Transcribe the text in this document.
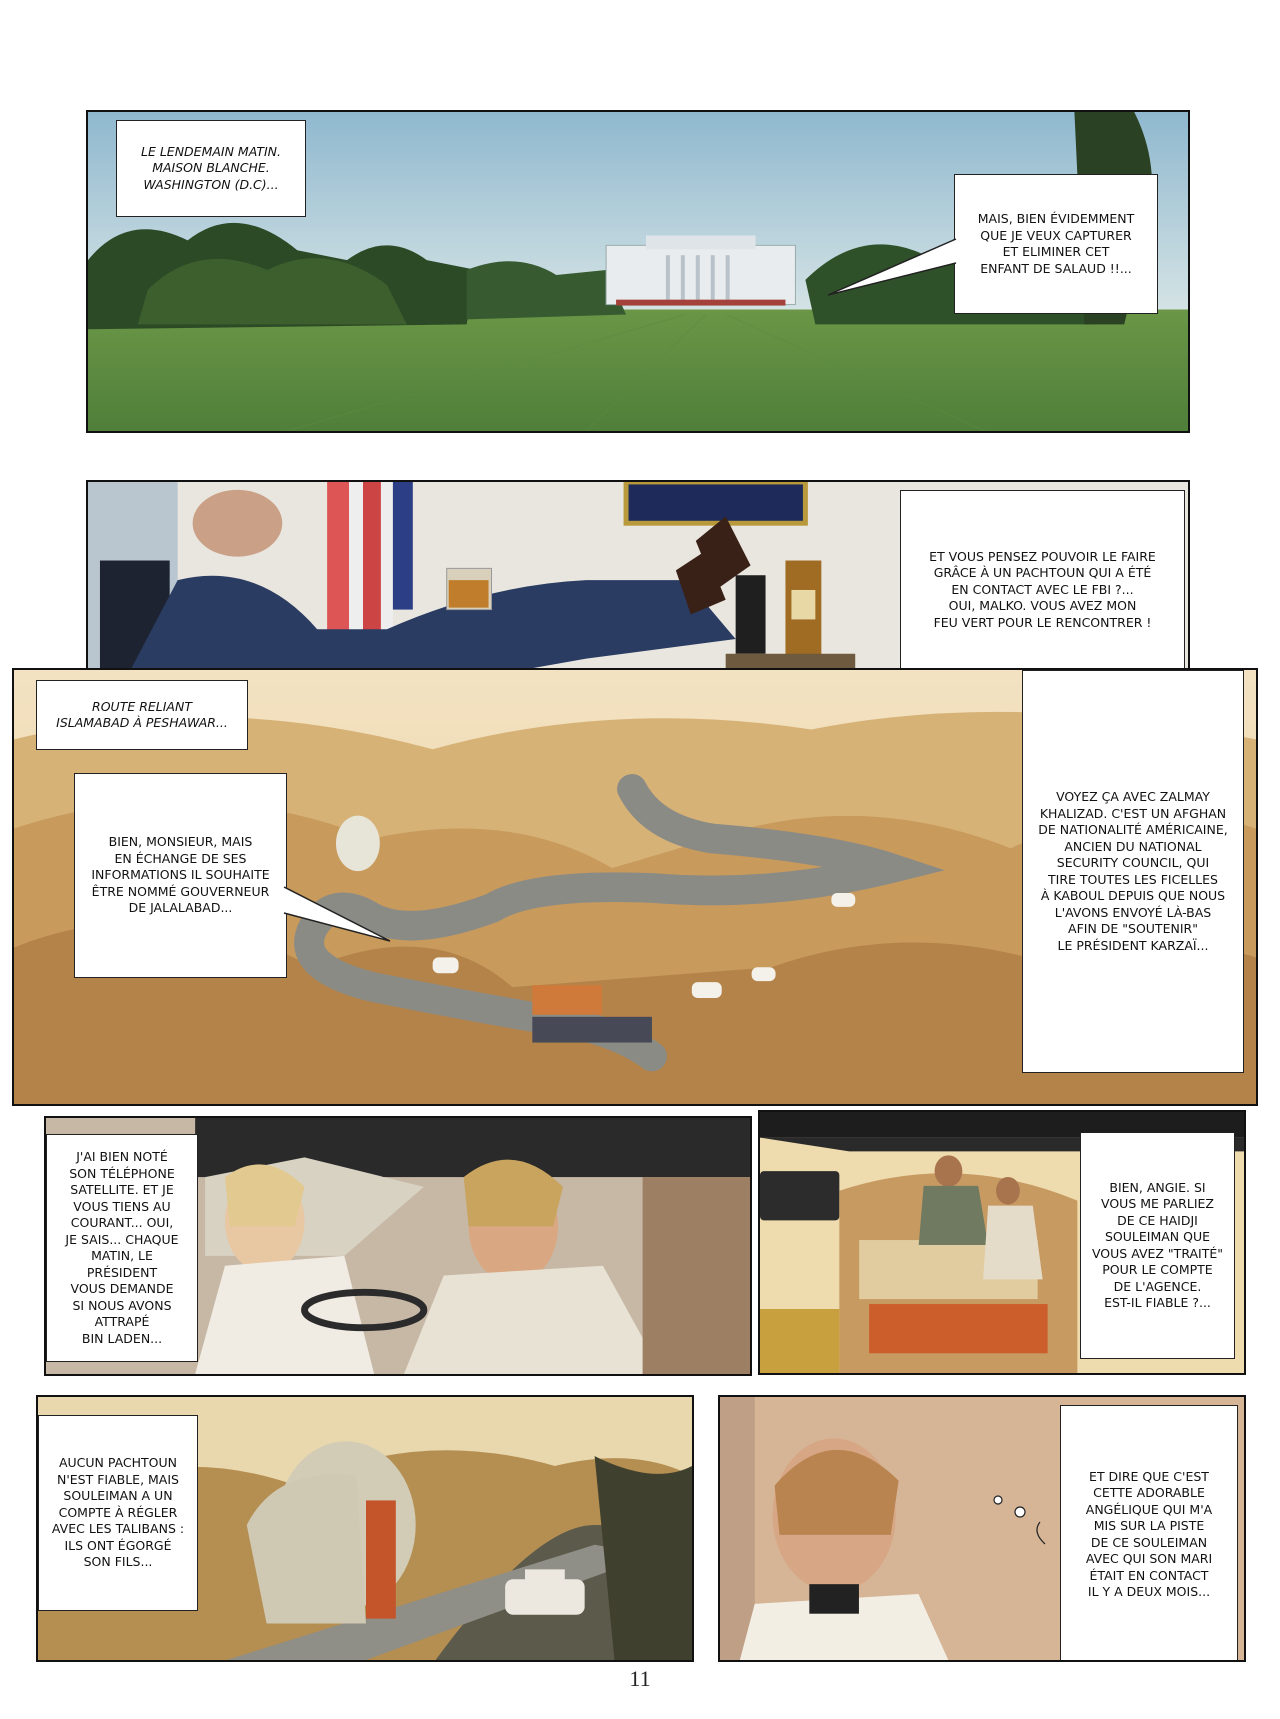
LE LENDEMAIN MATIN.
MAISON BLANCHE.
WASHINGTON (D.C)...
MAIS, BIEN ÉVIDEMMENT
QUE JE VEUX CAPTURER
ET ELIMINER CET
ENFANT DE SALAUD !!...
ET VOUS PENSEZ POUVOIR LE FAIRE
GRÂCE À UN PACHTOUN QUI A ÉTÉ
EN CONTACT AVEC LE FBI ?...
OUI, MALKO. VOUS AVEZ MON
FEU VERT POUR LE RENCONTRER !
ROUTE RELIANT
ISLAMABAD À PESHAWAR...
BIEN, MONSIEUR, MAIS
EN ÉCHANGE DE SES
INFORMATIONS IL SOUHAITE
ÊTRE NOMMÉ GOUVERNEUR
DE JALALABAD...
VOYEZ ÇA AVEC ZALMAY
KHALIZAD. C'EST UN AFGHAN
DE NATIONALITÉ AMÉRICAINE,
ANCIEN DU NATIONAL
SECURITY COUNCIL, QUI
TIRE TOUTES LES FICELLES
À KABOUL DEPUIS QUE NOUS
L'AVONS ENVOYÉ LÀ-BAS
AFIN DE "SOUTENIR"
LE PRÉSIDENT KARZAÏ...
J'AI BIEN NOTÉ
SON TÉLÉPHONE
SATELLITE. ET JE
VOUS TIENS AU
COURANT... OUI,
JE SAIS... CHAQUE
MATIN, LE PRÉSIDENT
VOUS DEMANDE
SI NOUS AVONS
ATTRAPÉ
BIN LADEN...
BIEN, ANGIE. SI
VOUS ME PARLIEZ
DE CE HAIDJI
SOULEIMAN QUE
VOUS AVEZ "TRAITÉ"
POUR LE COMPTE
DE L'AGENCE.
EST-IL FIABLE ?...
AUCUN PACHTOUN
N'EST FIABLE, MAIS
SOULEIMAN A UN
COMPTE À RÉGLER
AVEC LES TALIBANS :
ILS ONT ÉGORGÉ
SON FILS...
ET DIRE QUE C'EST
CETTE ADORABLE
ANGÉLIQUE QUI M'A
MIS SUR LA PISTE
DE CE SOULEIMAN
AVEC QUI SON MARI
ÉTAIT EN CONTACT
IL Y A DEUX MOIS...
11
